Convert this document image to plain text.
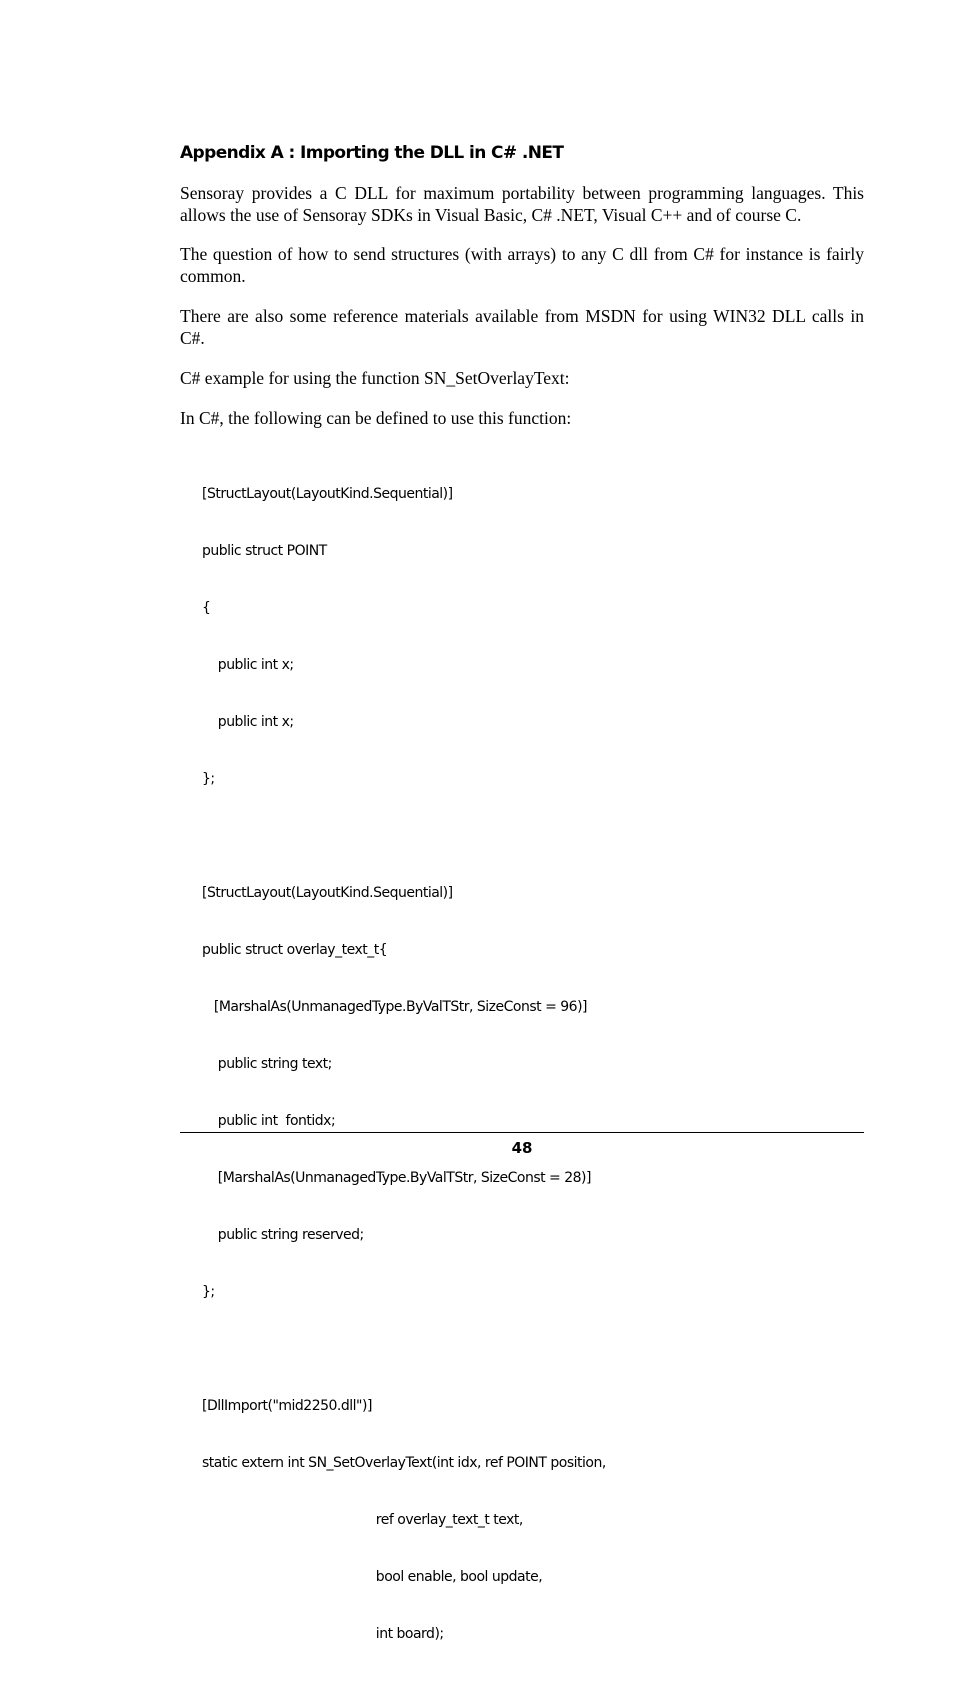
Appendix A : Importing the DLL in C# .NET

Sensoray provides a C DLL for maximum portability between programming languages. This allows the use of Sensoray SDKs in Visual Basic, C# .NET, Visual C++ and of course C.

The question of how to send structures (with arrays) to any C dll from C# for instance is fairly common.

There are also some reference materials available from MSDN for using WIN32 DLL calls in C#.

C# example for using the function SN_SetOverlayText:

In C#, the following can be defined to use this function:

[StructLayout(LayoutKind.Sequential)]

public struct POINT

{

public int x;

public int x;

};

[StructLayout(LayoutKind.Sequential)]

public struct overlay_text_t{

[MarshalAs(UnmanagedType.ByValTStr, SizeConst = 96)]

public string text;

public int  fontidx;

[MarshalAs(UnmanagedType.ByValTStr, SizeConst = 28)]

public string reserved;

};

[DllImport("mid2250.dll")]

static extern int SN_SetOverlayText(int idx, ref POINT position,

ref overlay_text_t text,

bool enable, bool update,

int board);

48
